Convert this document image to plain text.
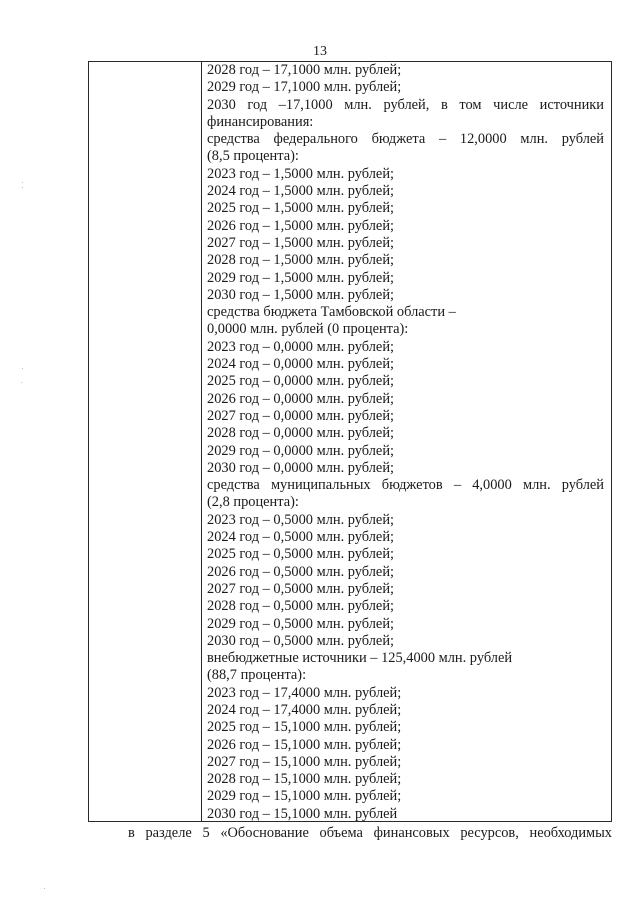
13
2028 год – 17,1000 млн. рублей;
2029 год – 17,1000 млн. рублей;
2030 год –17,1000 млн. рублей, в том числе источники
финансирования:
средства федерального бюджета – 12,0000 млн. рублей
(8,5 процента):
2023 год – 1,5000 млн. рублей;
2024 год – 1,5000 млн. рублей;
2025 год – 1,5000 млн. рублей;
2026 год – 1,5000 млн. рублей;
2027 год – 1,5000 млн. рублей;
2028 год – 1,5000 млн. рублей;
2029 год – 1,5000 млн. рублей;
2030 год – 1,5000 млн. рублей;
средства бюджета Тамбовской области –
0,0000 млн. рублей (0 процента):
2023 год – 0,0000 млн. рублей;
2024 год – 0,0000 млн. рублей;
2025 год – 0,0000 млн. рублей;
2026 год – 0,0000 млн. рублей;
2027 год – 0,0000 млн. рублей;
2028 год – 0,0000 млн. рублей;
2029 год – 0,0000 млн. рублей;
2030 год – 0,0000 млн. рублей;
средства муниципальных бюджетов – 4,0000 млн. рублей
(2,8 процента):
2023 год – 0,5000 млн. рублей;
2024 год – 0,5000 млн. рублей;
2025 год – 0,5000 млн. рублей;
2026 год – 0,5000 млн. рублей;
2027 год – 0,5000 млн. рублей;
2028 год – 0,5000 млн. рублей;
2029 год – 0,5000 млн. рублей;
2030 год – 0,5000 млн. рублей;
внебюджетные источники – 125,4000 млн. рублей
(88,7 процента):
2023 год – 17,4000 млн. рублей;
2024 год – 17,4000 млн. рублей;
2025 год – 15,1000 млн. рублей;
2026 год – 15,1000 млн. рублей;
2027 год – 15,1000 млн. рублей;
2028 год – 15,1000 млн. рублей;
2029 год – 15,1000 млн. рублей;
2030 год – 15,1000 млн. рублей
в разделе 5 «Обоснование объема финансовых ресурсов, необходимых
